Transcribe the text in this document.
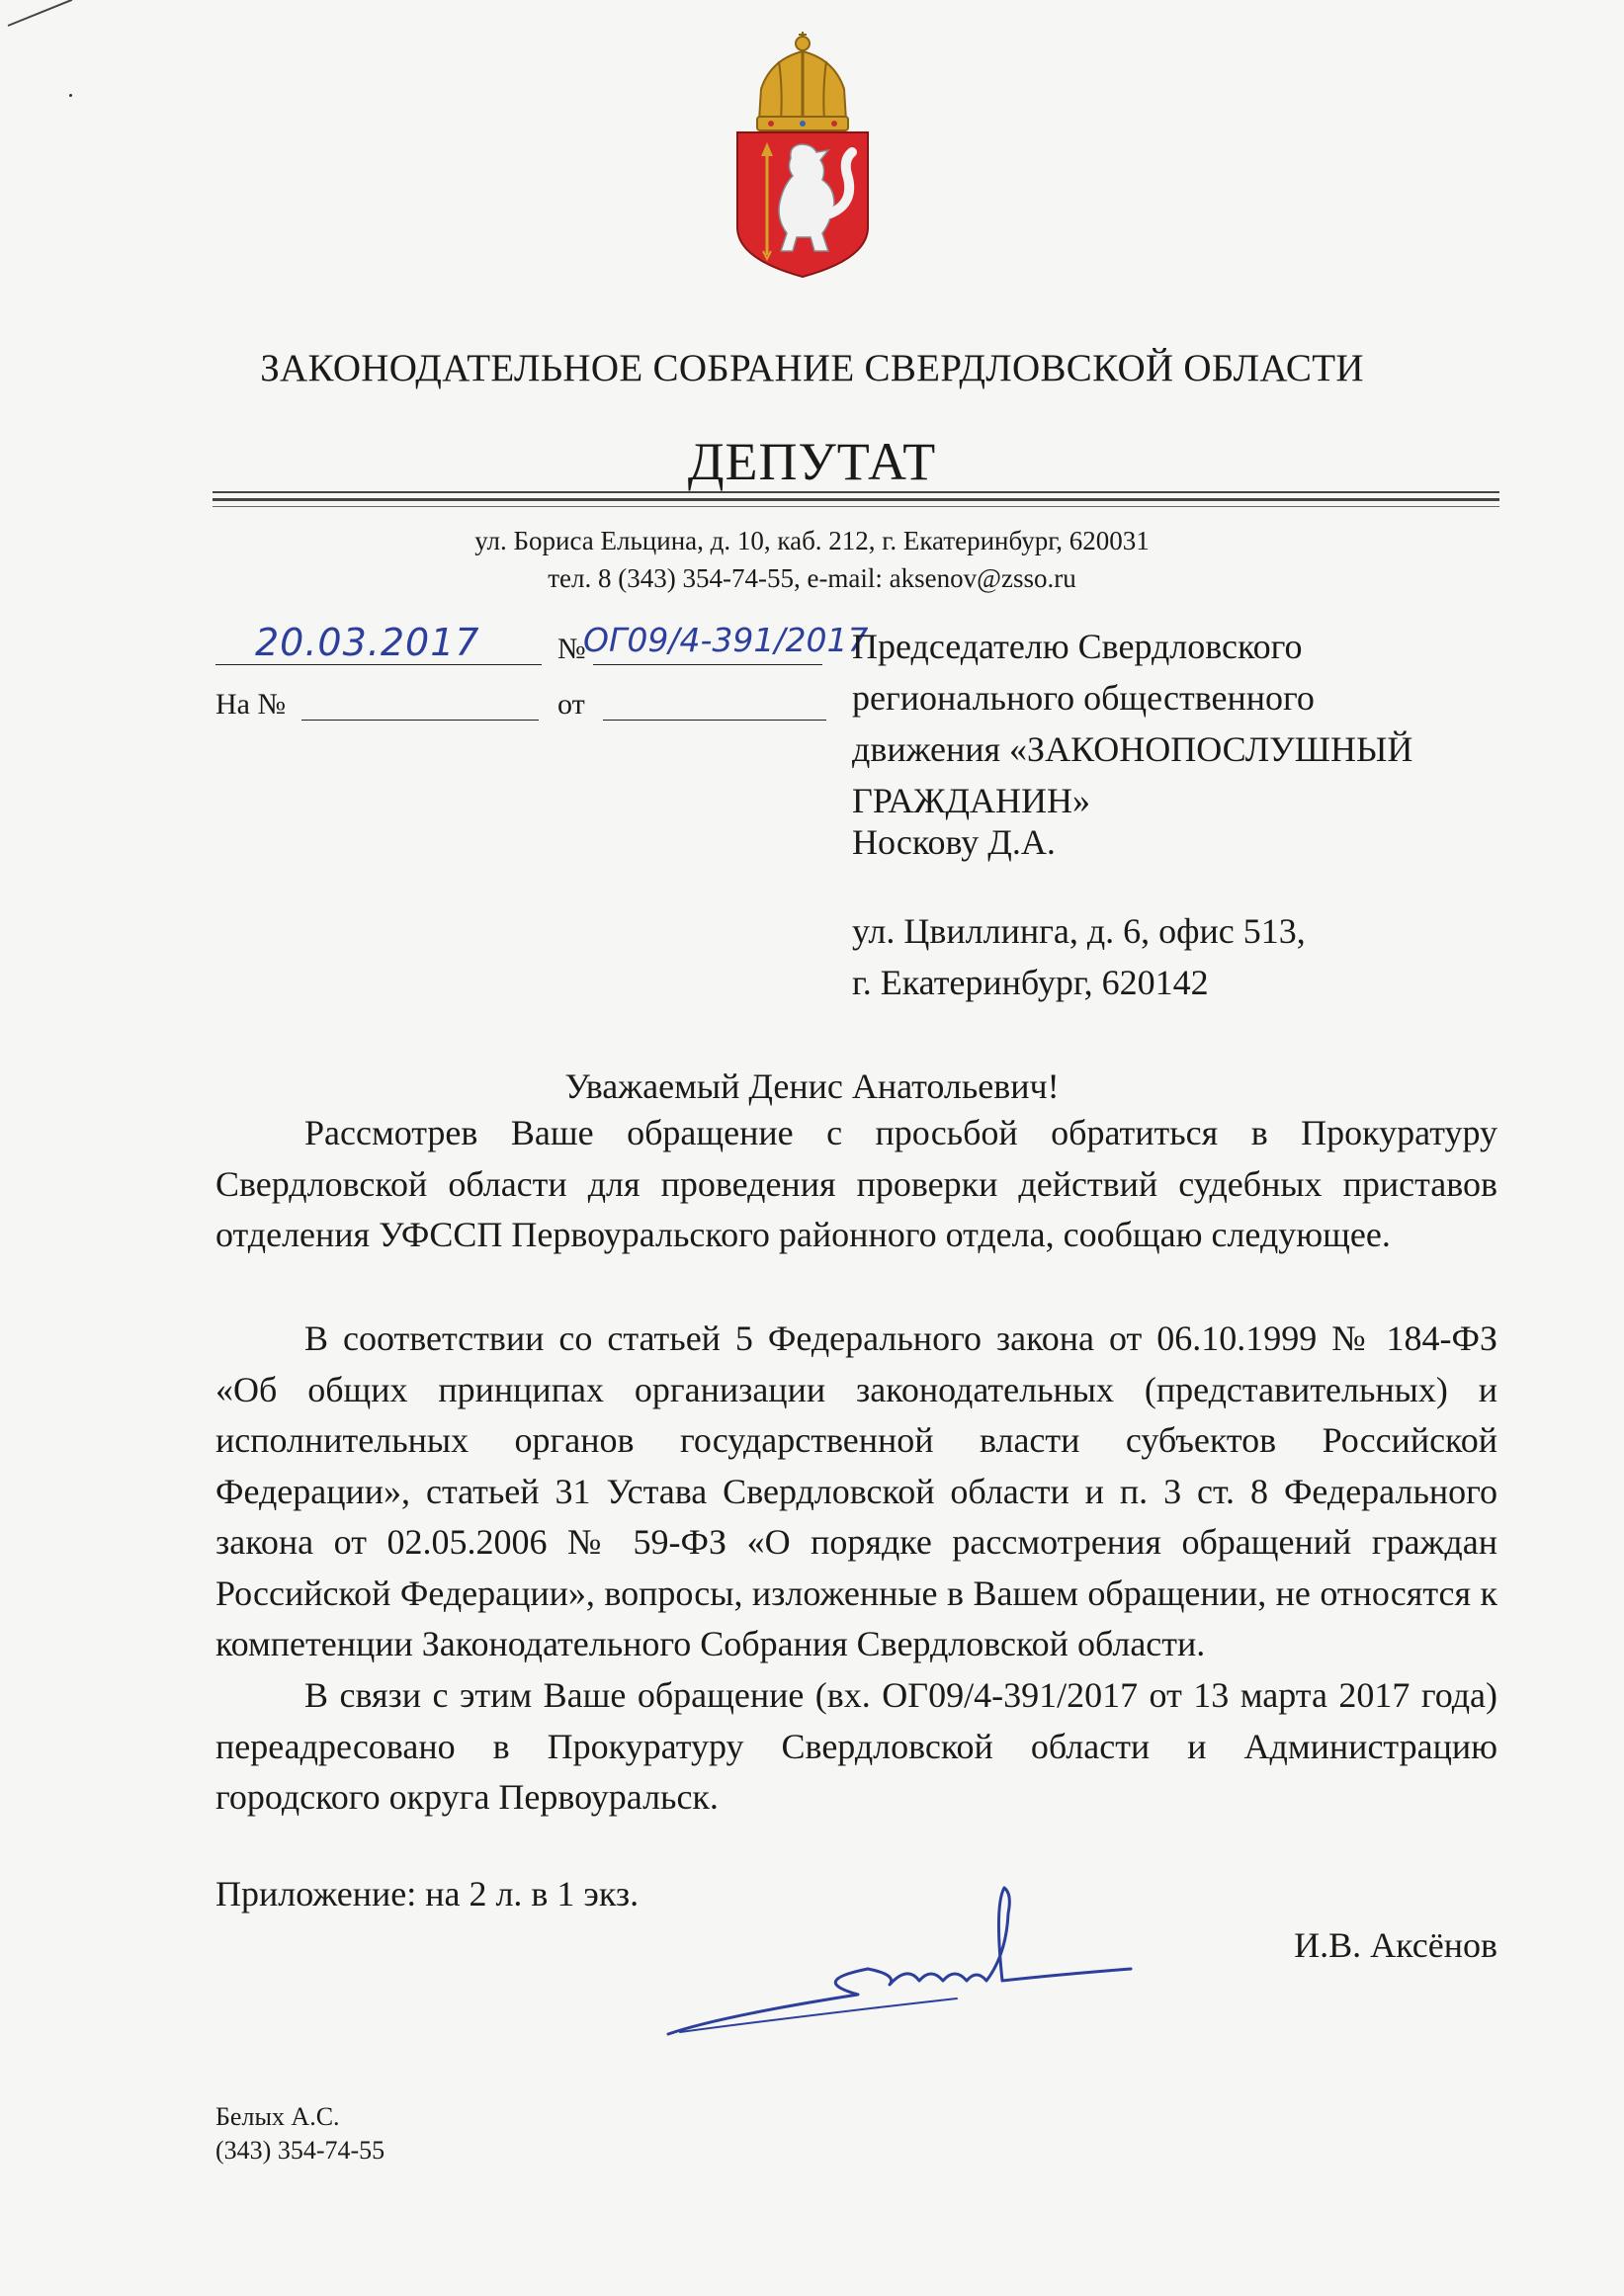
ЗАКОНОДАТЕЛЬНОЕ СОБРАНИЕ СВЕРДЛОВСКОЙ ОБЛАСТИ
ДЕПУТАТ
ул. Бориса Ельцина, д. 10, каб. 212, г. Екатеринбург, 620031
тел. 8 (343) 354-74-55, e-mail: aksenov@zsso.ru
20.03.2017	№
ОГ09/4-391/2017
На №	от
Председателю Свердловского
регионального общественного
движения «ЗАКОНОПОСЛУШНЫЙ
ГРАЖДАНИН»
Носкову Д.А.
ул. Цвиллинга, д. 6, офис 513,
г. Екатеринбург, 620142
Уважаемый Денис Анатольевич!

Рассмотрев Ваше обращение с просьбой обратиться в Прокуратуру Свердловской области для проведения проверки действий судебных приставов отделения УФССП Первоуральского районного отдела, сообщаю следующее.

В соответствии со статьей 5 Федерального закона от 06.10.1999 № 184-ФЗ «Об общих принципах организации законодательных (представительных) и исполнительных органов государственной власти субъектов Российской Федерации», статьей 31 Устава Свердловской области и п. 3 ст. 8 Федерального закона от 02.05.2006 № 59-ФЗ «О порядке рассмотрения обращений граждан Российской Федерации», вопросы, изложенные в Вашем обращении, не относятся к компетенции Законодательного Собрания Свердловской области.

В связи с этим Ваше обращение (вх. ОГ09/4-391/2017 от 13 марта 2017 года) переадресовано в Прокуратуру Свердловской области и Администрацию городского округа Первоуральск.

Приложение: на 2 л. в 1 экз.
И.В. Аксёнов
Белых А.С.
(343) 354-74-55
